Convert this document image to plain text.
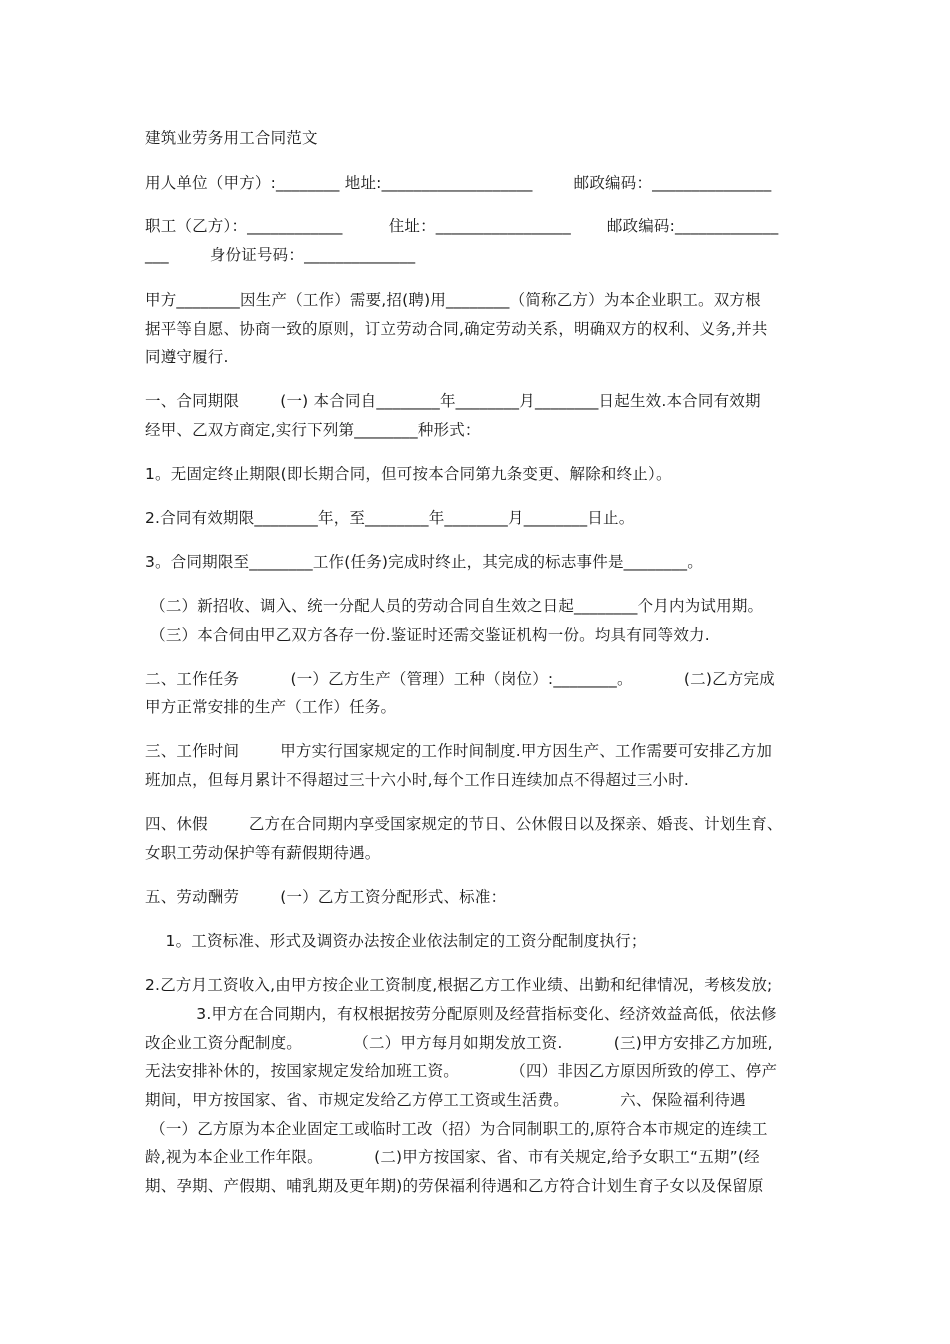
建筑业劳务用工合同范文
用人单位（甲方）:________ 地址:___________________        邮政编码：_______________
职工（乙方）：____________         住址：_________________       邮政编码:_____________
___        身份证号码：______________
甲方________因生产（工作）需要,招(聘)用________（简称乙方）为本企业职工。双方根
据平等自愿、协商一致的原则，订立劳动合同,确定劳动关系，明确双方的权利、义务,并共
同遵守履行.
一、合同期限        (一) 本合同自________年________月________日起生效.本合同有效期
经甲、乙双方商定,实行下列第________种形式：
1。无固定终止期限(即长期合同，但可按本合同第九条变更、解除和终止）。
2.合同有效期限________年，至________年________月________日止。
3。合同期限至________工作(任务)完成时终止，其完成的标志事件是________。
（二）新招收、调入、统一分配人员的劳动合同自生效之日起________个月内为试用期。
（三）本合伺由甲乙双方各存一份.鉴证时还需交鉴证机构一份。均具有同等效力.
二、工作任务          (一）乙方生产（管理）工种（岗位）:________。          (二)乙方完成
甲方正常安排的生产（工作）任务。
三、工作时间        甲方实行国家规定的工作时间制度.甲方因生产、工作需要可安排乙方加
班加点，但每月累计不得超过三十六小时,每个工作日连续加点不得超过三小时.
四、休假        乙方在合同期内享受国家规定的节日、公休假日以及探亲、婚丧、计划生育、
女职工劳动保护等有薪假期待遇。
五、劳动酬劳        (一）乙方工资分配形式、标准：
1。工资标准、形式及调资办法按企业依法制定的工资分配制度执行；
2.乙方月工资收入,由甲方按企业工资制度,根据乙方工作业绩、出勤和纪律情况，考核发放;
3.甲方在合同期内，有权根据按劳分配原则及经营指标变化、经济效益高低，依法修
改企业工资分配制度。          （二）甲方每月如期发放工资.          (三)甲方安排乙方加班,
无法安排补休的，按国家规定发给加班工资。          （四）非因乙方原因所致的停工、停产
期间，甲方按国家、省、市规定发给乙方停工工资或生活费。          六、保险福利待遇
（一）乙方原为本企业固定工或临时工改（招）为合同制职工的,原符合本市规定的连续工
龄,视为本企业工作年限。          (二)甲方按国家、省、市有关规定,给予女职工“五期”(经
期、孕期、产假期、哺乳期及更年期)的劳保福利待遇和乙方符合计划生育子女以及保留原
